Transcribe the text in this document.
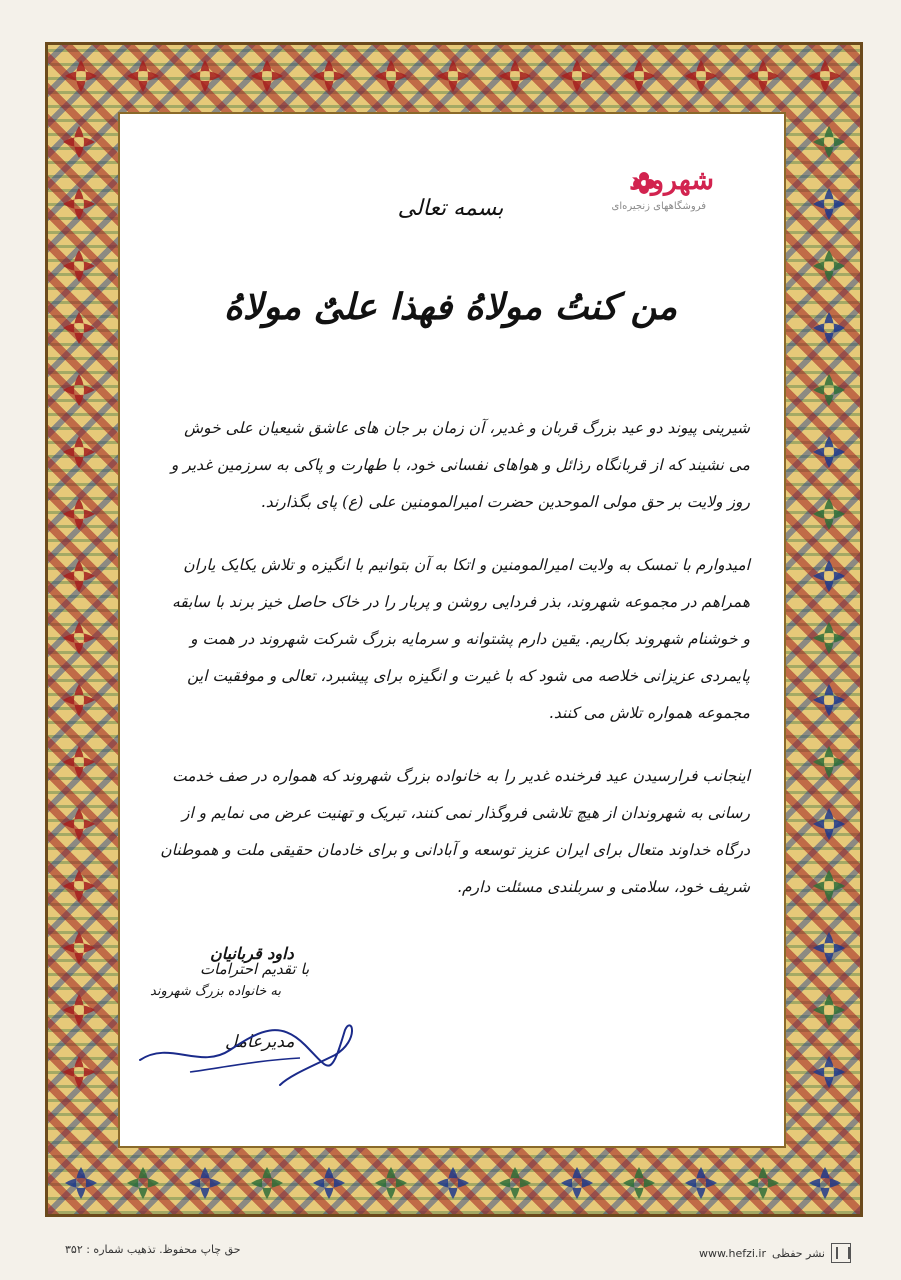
شهروند
فروشگاههای زنجیره‌ای
بسمه تعالی
من کنتُ مولاهُ فهذا علیٌ مولاهُ

شیرینی پیوند دو عید بزرگ قربان و غدیر، آن زمان بر جان های عاشق شیعیان علی خوش می نشیند که از قربانگاه رذائل و هواهای نفسانی خود، با طهارت و پاکی به سرزمین غدیر و روز ولایت بر حق مولی الموحدین حضرت امیرالمومنین علی (ع) پای بگذارند.

امیدوارم با تمسک به ولایت امیرالمومنین و اتکا به آن بتوانیم با انگیزه و تلاش یکایک یاران همراهم در مجموعه شهروند، بذر فردایی روشن و پربار را در خاک حاصل خیز برند با سابقه و خوشنام شهروند بکاریم. یقین دارم پشتوانه و سرمایه بزرگ شرکت شهروند در همت و پایمردی عزیزانی خلاصه می شود که با غیرت و انگیزه برای پیشبرد، تعالی و موفقیت این مجموعه همواره تلاش می کنند.

اینجانب فرارسیدن عید فرخنده غدیر را به خانواده بزرگ شهروند که همواره در صف خدمت رسانی به شهروندان از هیچ تلاشی فروگذار نمی کنند، تبریک و تهنیت عرض می نمایم و از درگاه خداوند متعال برای ایران عزیز توسعه و آبادانی و برای خادمان حقیقی ملت و هموطنان شریف خود، سلامتی و سربلندی مسئلت دارم.

داود قربانیان
با تقدیم احترامات
به خانواده بزرگ شهروند
مدیرعامل
www.hefzi.ir نشر حفظی
حق چاپ محفوظ. تذهیب شماره : ۳۵۲
